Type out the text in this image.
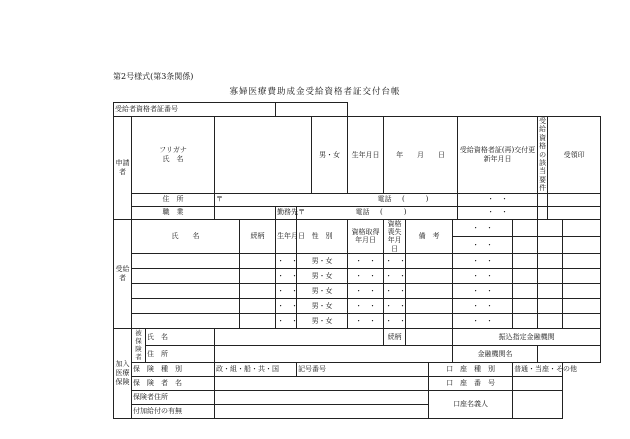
第2号様式(第3条関係)
寡婦医療費助成金受給資格者証交付台帳
受給者資格者証番号																		
申請者	フリガナ
氏　名						男・女	生年月日	年　　月　　日				受給資格者証(再)交付更新年月日		受給資格の該当要件	受領印	
	住　所		〒 電話 (　　　)										・　・					
	職　業				勤務先	〒 電話 (　　　)							・　・					
受給者	氏　　名			続柄	生年月日	性　別		資格取得年月日	資格喪失年月日	備　考		・　・						
												・　・						
					・　・	男・女		・　・	・　・			・　・						
					・　・	男・女		・　・	・　・			・　・						
					・　・	男・女		・　・	・　・			・　・						
					・　・	男・女		・　・	・　・			・　・						
					・　・	男・女		・　・	・　・			・　・						
加入医療保険	被保険者	氏　名							続柄			振込指定金融機関						
		住　所										金融機関名						
	保　険　種　別		政・組・船・共・国			記号番号					口　座　種　別			普通・当座・その他				
	保　険　者　名										口　座　番　号							
	保険者住所										口座名義人							
	付加給付の有無																	
